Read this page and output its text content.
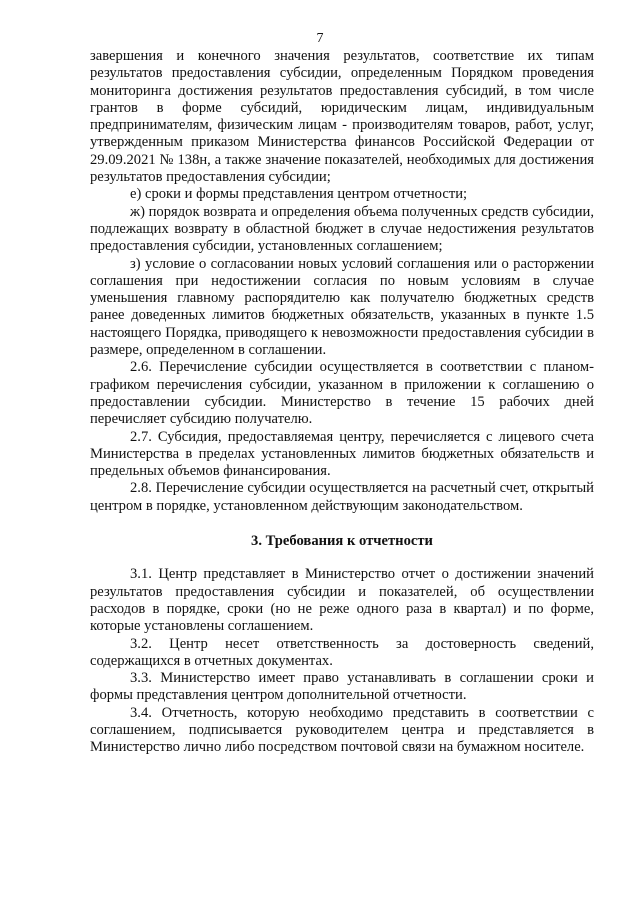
7

завершения и конечного значения результатов, соответствие их типам результатов предоставления субсидии, определенным Порядком проведения мониторинга достижения результатов предоставления субсидий, в том числе грантов в форме субсидий, юридическим лицам, индивидуальным предпринимателям, физическим лицам - производителям товаров, работ, услуг, утвержденным приказом Министерства финансов Российской Федерации от 29.09.2021 № 138н, а также значение показателей, необходимых для достижения результатов предоставления субсидии;

е) сроки и формы представления центром отчетности;

ж) порядок возврата и определения объема полученных средств субсидии, подлежащих возврату в областной бюджет в случае недостижения результатов предоставления субсидии, установленных соглашением;

з) условие о согласовании новых условий соглашения или о расторжении соглашения при недостижении согласия по новым условиям в случае уменьшения главному распорядителю как получателю бюджетных средств ранее доведенных лимитов бюджетных обязательств, указанных в пункте 1.5 настоящего Порядка, приводящего к невозможности предоставления субсидии в размере, определенном в соглашении.

2.6. Перечисление субсидии осуществляется в соответствии с планом-графиком перечисления субсидии, указанном в приложении к соглашению о предоставлении субсидии. Министерство в течение 15 рабочих дней перечисляет субсидию получателю.

2.7. Субсидия, предоставляемая центру, перечисляется с лицевого счета Министерства в пределах установленных лимитов бюджетных обязательств и предельных объемов финансирования.

2.8. Перечисление субсидии осуществляется на расчетный счет, открытый центром в порядке, установленном действующим законодательством.

3. Требования к отчетности

3.1. Центр представляет в Министерство отчет о достижении значений результатов предоставления субсидии и показателей, об осуществлении расходов в порядке, сроки (но не реже одного раза в квартал) и по форме, которые установлены соглашением.

3.2. Центр несет ответственность за достоверность сведений, содержащихся в отчетных документах.

3.3. Министерство имеет право устанавливать в соглашении сроки и формы представления центром дополнительной отчетности.

3.4. Отчетность, которую необходимо представить в соответствии с соглашением, подписывается руководителем центра и представляется в Министерство лично либо посредством почтовой связи на бумажном носителе.
